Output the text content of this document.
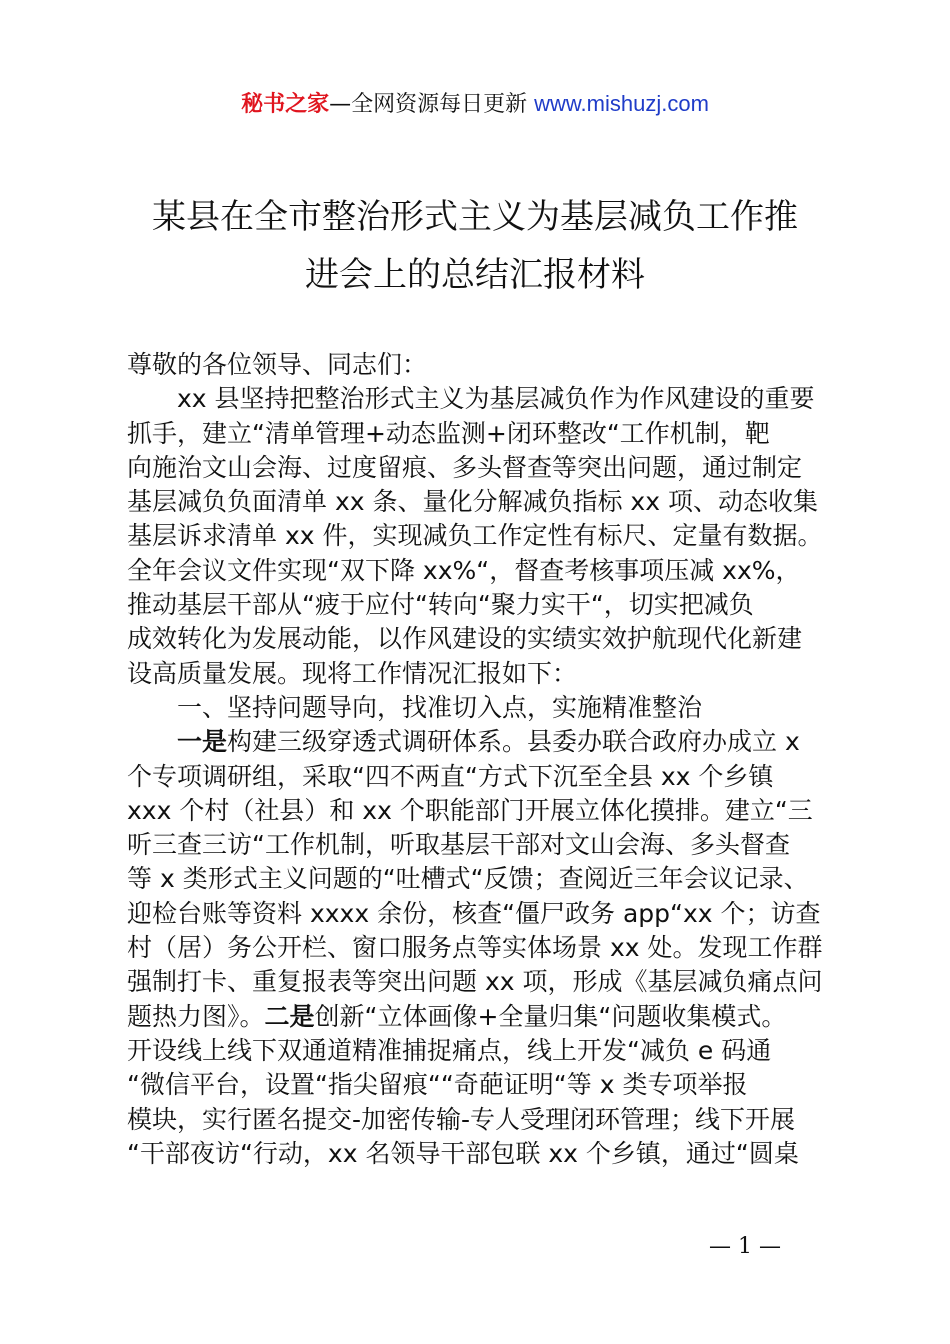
秘书之家—全网资源每日更新 www.mishuzj.com
某县在全市整治形式主义为基层减负工作推
进会上的总结汇报材料
尊敬的各位领导、同志们：
xx 县坚持把整治形式主义为基层减负作为作风建设的重要
抓手，建立“清单管理+动态监测+闭环整改“工作机制，靶
向施治文山会海、过度留痕、多头督查等突出问题，通过制定
基层减负负面清单 xx 条、量化分解减负指标 xx 项、动态收集
基层诉求清单 xx 件，实现减负工作定性有标尺、定量有数据。
全年会议文件实现“双下降 xx%“，督查考核事项压减 xx%，
推动基层干部从“疲于应付“转向“聚力实干“，切实把减负
成效转化为发展动能，以作风建设的实绩实效护航现代化新建
设高质量发展。现将工作情况汇报如下：
一、坚持问题导向，找准切入点，实施精准整治
一是构建三级穿透式调研体系。县委办联合政府办成立 x
个专项调研组，采取“四不两直“方式下沉至全县 xx 个乡镇
xxx 个村（社县）和 xx 个职能部门开展立体化摸排。建立“三
听三查三访“工作机制，听取基层干部对文山会海、多头督查
等 x 类形式主义问题的“吐槽式“反馈；查阅近三年会议记录、
迎检台账等资料 xxxx 余份，核查“僵尸政务 app“xx 个；访查
村（居）务公开栏、窗口服务点等实体场景 xx 处。发现工作群
强制打卡、重复报表等突出问题 xx 项，形成《基层减负痛点问
题热力图》。二是创新“立体画像+全量归集“问题收集模式。
开设线上线下双通道精准捕捉痛点，线上开发“减负 e 码通
“微信平台，设置“指尖留痕““奇葩证明“等 x 类专项举报
模块，实行匿名提交-加密传输-专人受理闭环管理；线下开展
“干部夜访“行动，xx 名领导干部包联 xx 个乡镇，通过“圆桌
— 1 —
